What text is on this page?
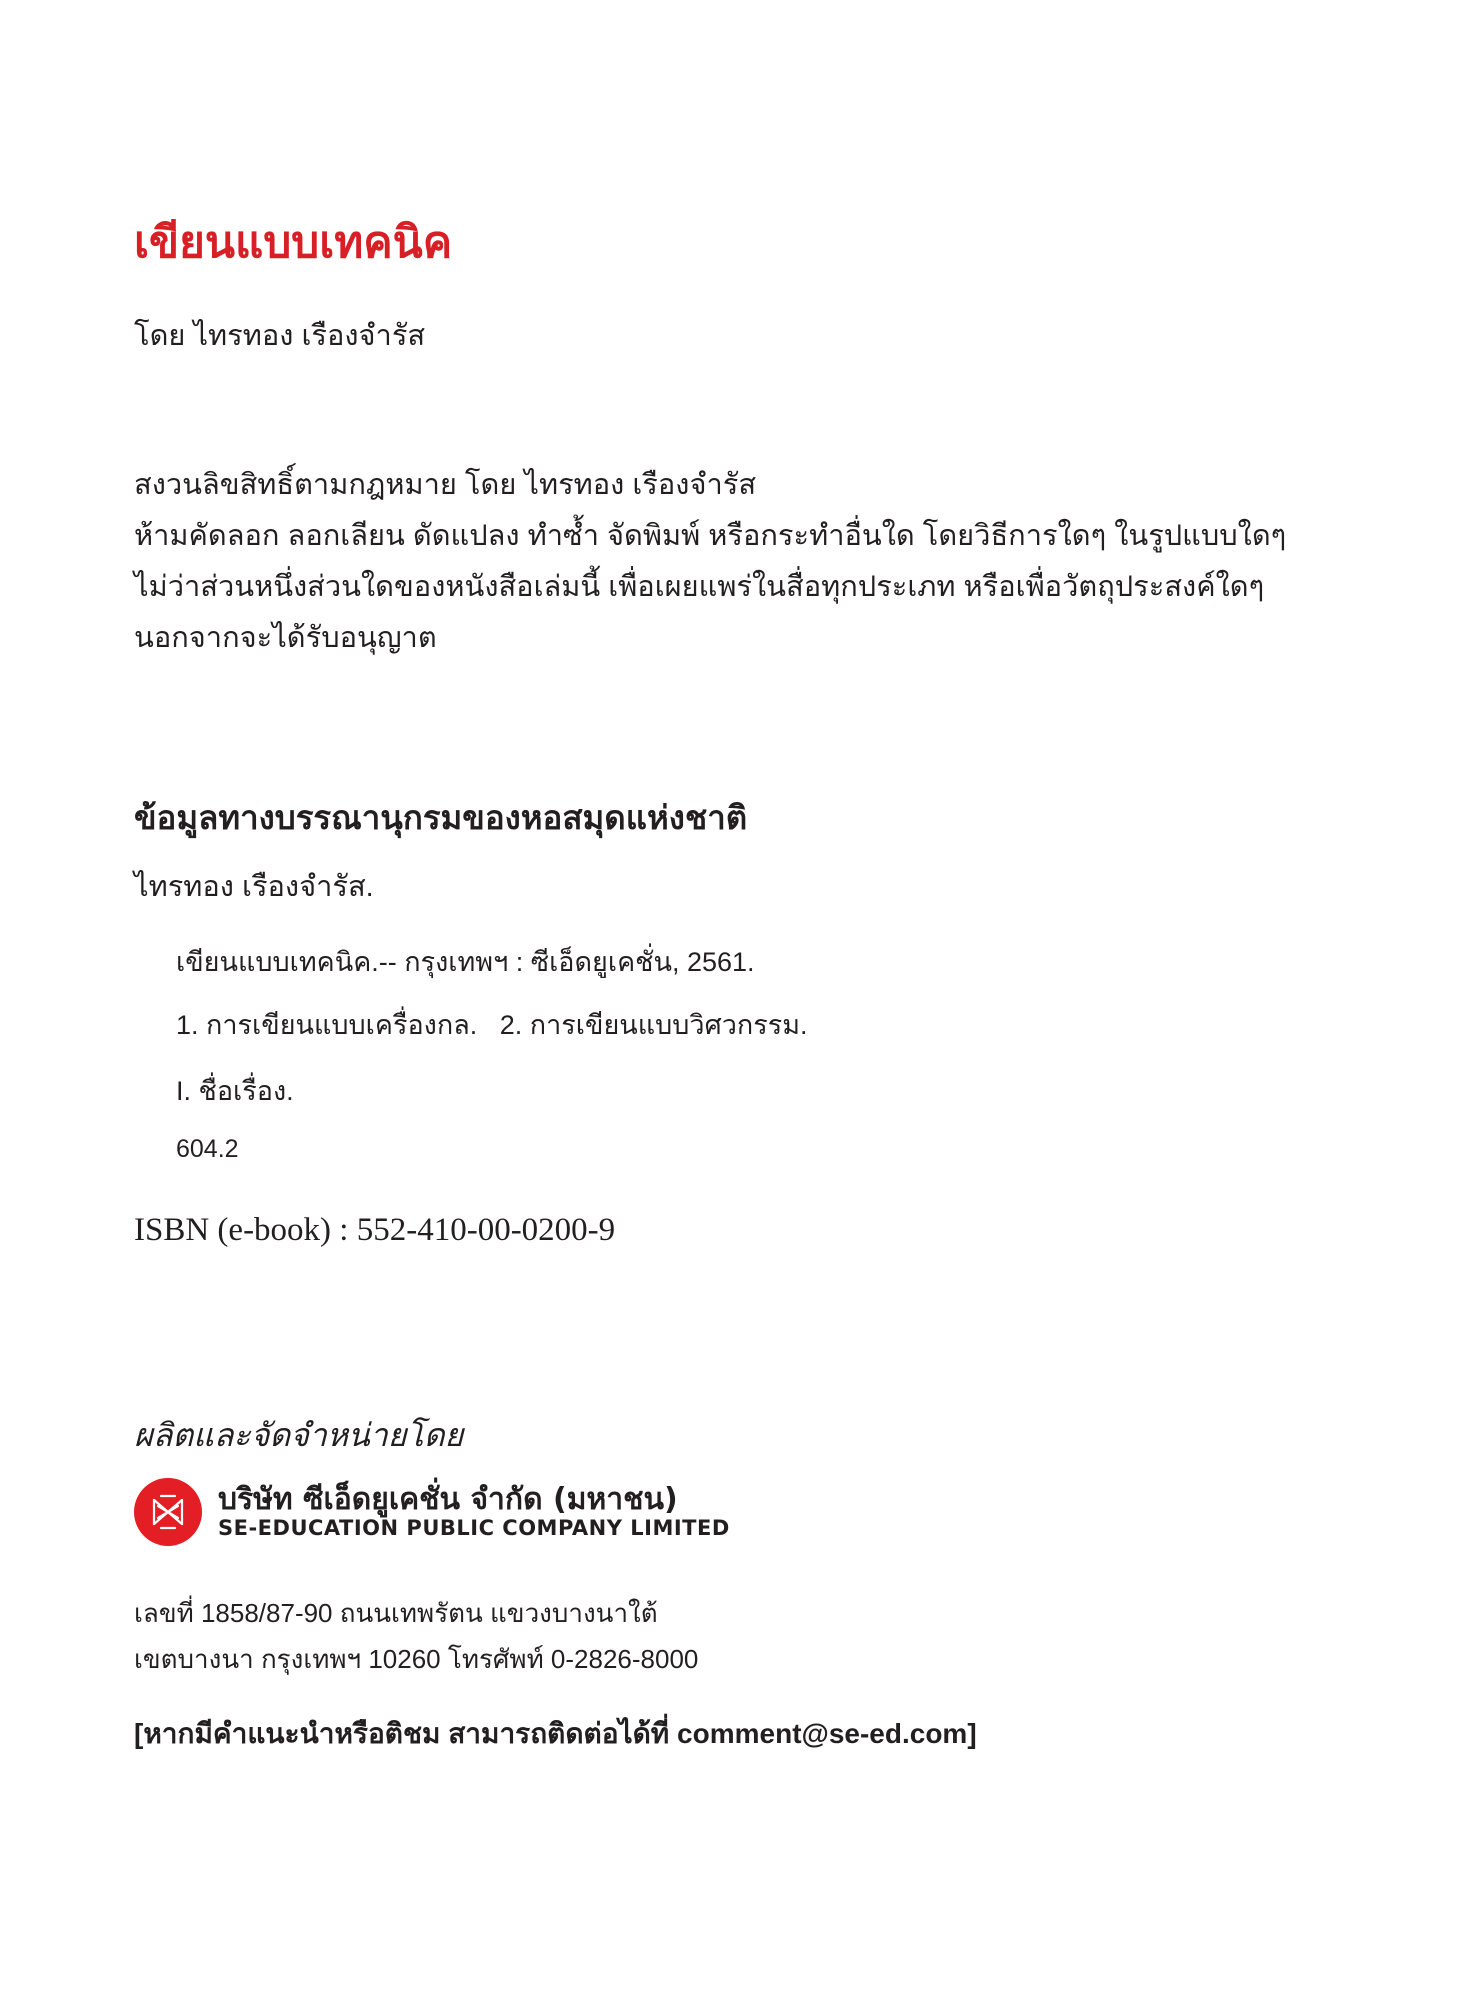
เขียนแบบเทคนิค
โดย ไทรทอง เรืองจำรัส
สงวนลิขสิทธิ์ตามกฎหมาย โดย ไทรทอง เรืองจำรัส
ห้ามคัดลอก ลอกเลียน ดัดแปลง ทำซ้ำ จัดพิมพ์ หรือกระทำอื่นใด โดยวิธีการใดๆ ในรูปแบบใดๆ
ไม่ว่าส่วนหนึ่งส่วนใดของหนังสือเล่มนี้ เพื่อเผยแพร่ในสื่อทุกประเภท หรือเพื่อวัตถุประสงค์ใดๆ
นอกจากจะได้รับอนุญาต
ข้อมูลทางบรรณานุกรมของหอสมุดแห่งชาติ
ไทรทอง เรืองจำรัส.
เขียนแบบเทคนิค.-- กรุงเทพฯ : ซีเอ็ดยูเคชั่น, 2561.
1. การเขียนแบบเครื่องกล.   2. การเขียนแบบวิศวกรรม.
I. ชื่อเรื่อง.
604.2
ISBN (e-book) : 552-410-00-0200-9
ผลิตและจัดจำหน่ายโดย
บริษัท ซีเอ็ดยูเคชั่น จำกัด (มหาชน)
SE-EDUCATION PUBLIC COMPANY LIMITED
เลขที่ 1858/87-90 ถนนเทพรัตน แขวงบางนาใต้
เขตบางนา กรุงเทพฯ 10260 โทรศัพท์ 0-2826-8000
[หากมีคำแนะนำหรือติชม สามารถติดต่อได้ที่ comment@se-ed.com]
